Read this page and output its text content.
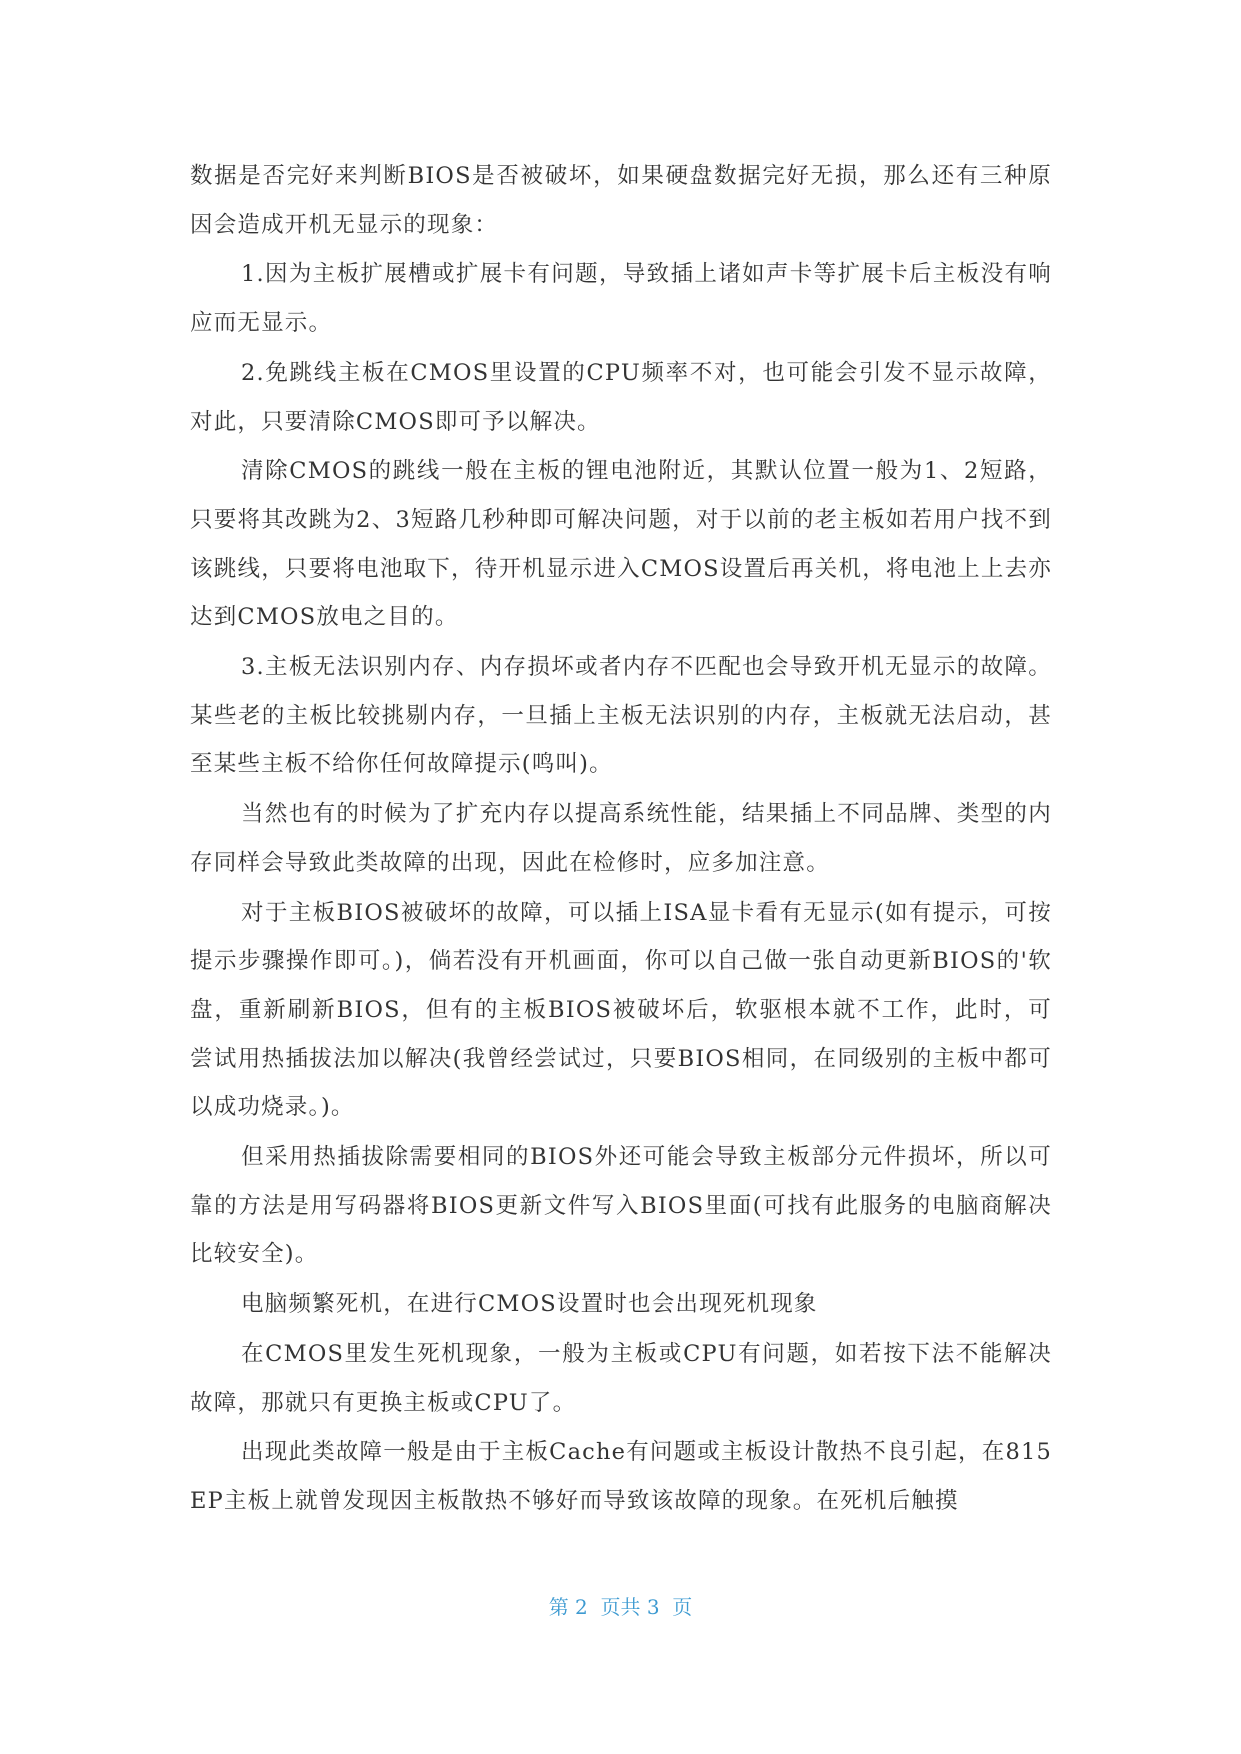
数据是否完好来判断BIOS是否被破坏，如果硬盘数据完好无损，那么还有三种原因会造成开机无显示的现象：

1.因为主板扩展槽或扩展卡有问题，导致插上诸如声卡等扩展卡后主板没有响应而无显示。

2.免跳线主板在CMOS里设置的CPU频率不对，也可能会引发不显示故障，对此，只要清除CMOS即可予以解决。

清除CMOS的跳线一般在主板的锂电池附近，其默认位置一般为1、2短路，只要将其改跳为2、3短路几秒种即可解决问题，对于以前的老主板如若用户找不到该跳线，只要将电池取下，待开机显示进入CMOS设置后再关机，将电池上上去亦达到CMOS放电之目的。

3.主板无法识别内存、内存损坏或者内存不匹配也会导致开机无显示的故障。某些老的主板比较挑剔内存，一旦插上主板无法识别的内存，主板就无法启动，甚至某些主板不给你任何故障提示(鸣叫)。

当然也有的时候为了扩充内存以提高系统性能，结果插上不同品牌、类型的内存同样会导致此类故障的出现，因此在检修时，应多加注意。

对于主板BIOS被破坏的故障，可以插上ISA显卡看有无显示(如有提示，可按提示步骤操作即可。)，倘若没有开机画面，你可以自己做一张自动更新BIOS的'软盘，重新刷新BIOS，但有的主板BIOS被破坏后，软驱根本就不工作，此时，可尝试用热插拔法加以解决(我曾经尝试过，只要BIOS相同，在同级别的主板中都可以成功烧录。)。

但采用热插拔除需要相同的BIOS外还可能会导致主板部分元件损坏，所以可靠的方法是用写码器将BIOS更新文件写入BIOS里面(可找有此服务的电脑商解决比较安全)。

电脑频繁死机，在进行CMOS设置时也会出现死机现象

在CMOS里发生死机现象，一般为主板或CPU有问题，如若按下法不能解决故障，那就只有更换主板或CPU了。

出现此类故障一般是由于主板Cache有问题或主板设计散热不良引起，在815EP主板上就曾发现因主板散热不够好而导致该故障的现象。在死机后触摸

第 2  页共 3  页
